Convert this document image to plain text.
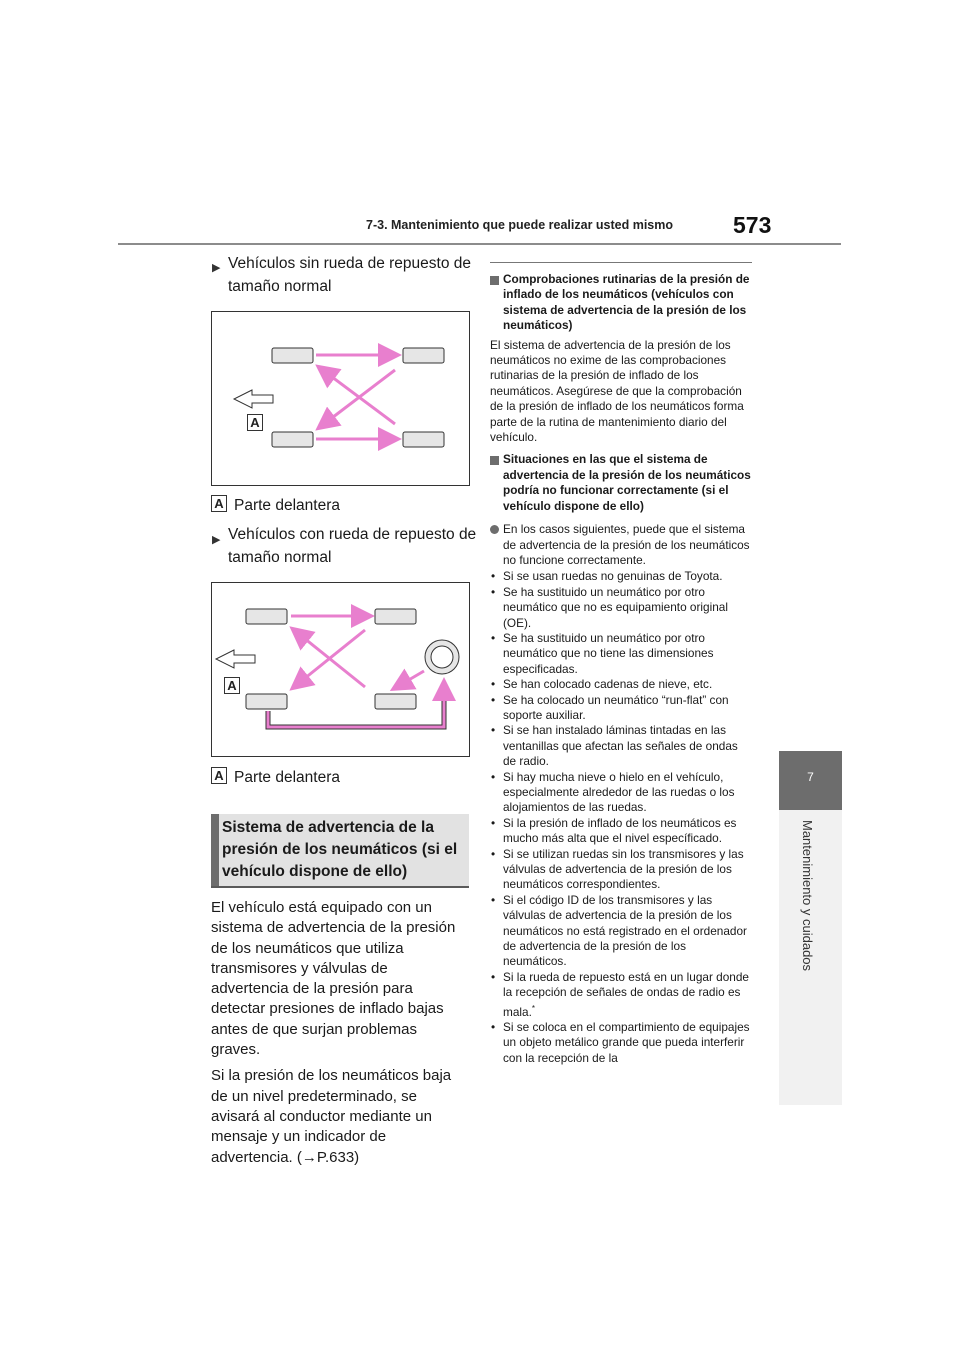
7-3. Mantenimiento que puede realizar usted mismo	573
7
Mantenimiento y cuidados
▶ Vehículos sin rueda de repuesto de
tamaño normal
A
A Parte delantera
▶ Vehículos con rueda de repuesto de
tamaño normal
A
A Parte delantera
Sistema de advertencia de la presión de los neumáticos (si el vehículo dispone de ello)

El vehículo está equipado con un sistema de advertencia de la presión de los neumáticos que utiliza transmisores y válvulas de advertencia de la presión para detectar presiones de inflado bajas antes de que surjan problemas graves.

Si la presión de los neumáticos baja de un nivel predeterminado, se avisará al conductor mediante un mensaje y un indicador de advertencia. (→P.633)

Comprobaciones rutinarias de la presión de inflado de los neumáticos (vehículos con sistema de advertencia de la presión de los neumáticos)

El sistema de advertencia de la presión de los neumáticos no exime de las comprobaciones rutinarias de la presión de inflado de los neumáticos. Asegúrese de que la comprobación de la presión de inflado de los neumáticos forma parte de la rutina de mantenimiento diario del vehículo.

Situaciones en las que el sistema de advertencia de la presión de los neumáticos podría no funcionar correctamente (si el vehículo dispone de ello)
En los casos siguientes, puede que el sistema de advertencia de la presión de los neumáticos no funcione correctamente.
• Si se usan ruedas no genuinas de Toyota.
• Se ha sustituido un neumático por otro neumático que no es equipamiento original (OE).
• Se ha sustituido un neumático por otro neumático que no tiene las dimensiones especificadas.
• Se han colocado cadenas de nieve, etc.
• Se ha colocado un neumático “run-flat” con soporte auxiliar.
• Si se han instalado láminas tintadas en las ventanillas que afectan las señales de ondas de radio.
• Si hay mucha nieve o hielo en el vehículo, especialmente alrededor de las ruedas o los alojamientos de las ruedas.
• Si la presión de inflado de los neumáticos es mucho más alta que el nivel específicado.
• Si se utilizan ruedas sin los transmisores y las válvulas de advertencia de la presión de los neumáticos correspondientes.
• Si el código ID de los transmisores y las válvulas de advertencia de la presión de los neumáticos no está registrado en el ordenador de advertencia de la presión de los neumáticos.
• Si la rueda de repuesto está en un lugar donde la recepción de señales de ondas de radio es mala.*
• Si se coloca en el compartimiento de equipajes un objeto metálico grande que pueda interferir con la recepción de la
